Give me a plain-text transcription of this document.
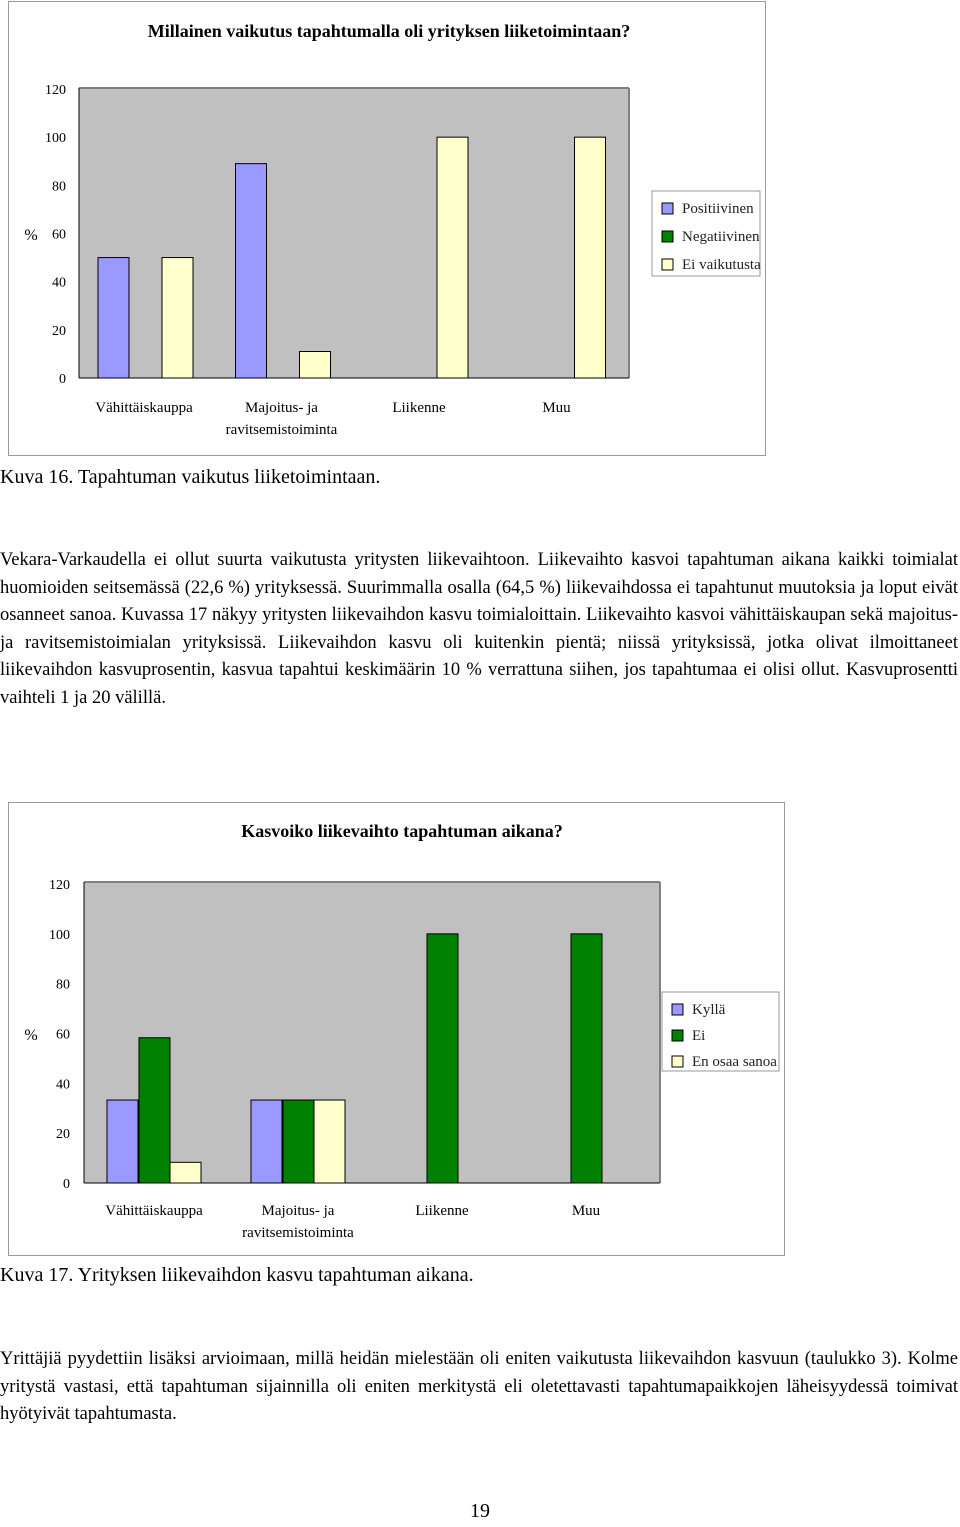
Millainen vaikutus tapahtumalla oli yrityksen liiketoimintaan?
0
20
40
60
80
100
120
%
Vähittäiskauppa	Majoitus- ja
ravitsemistoiminta
Liikenne	Muu
Positiivinen
Negatiivinen
Ei vaikutusta
Kuva 16. Tapahtuman vaikutus liiketoimintaan.
Vekara-Varkaudella ei ollut suurta vaikutusta yritysten liikevaihtoon. Liikevaihto kasvoi tapahtuman aikana kaikki toimialat huomioiden seitsemässä (22,6 %) yrityksessä. Suurimmalla osalla (64,5 %) liikevaihdossa ei tapahtunut muutoksia ja loput eivät osanneet sanoa. Kuvassa 17 näkyy yritysten liikevaihdon kasvu toimialoittain. Liikevaihto kasvoi vähittäiskaupan sekä majoitus- ja ravitsemistoimialan yrityksissä. Liikevaihdon kasvu oli kuitenkin pientä; niissä yrityksissä, jotka olivat ilmoittaneet liikevaihdon kasvuprosentin, kasvua tapahtui keskimäärin 10 % verrattuna siihen, jos tapahtumaa ei olisi ollut. Kasvuprosentti vaihteli 1 ja 20 välillä.
Kasvoiko liikevaihto tapahtuman aikana?
0
20
40
60
80
100
120
%
Vähittäiskauppa	Majoitus- ja
ravitsemistoiminta
Liikenne	Muu
Kyllä
Ei
En osaa sanoa
Kuva 17. Yrityksen liikevaihdon kasvu tapahtuman aikana.
Yrittäjiä pyydettiin lisäksi arvioimaan, millä heidän mielestään oli eniten vaikutusta liikevaihdon kasvuun (taulukko 3). Kolme yritystä vastasi, että tapahtuman sijainnilla oli eniten merkitystä eli oletettavasti tapahtumapaikkojen läheisyydessä toimivat hyötyivät tapahtumasta.
19
